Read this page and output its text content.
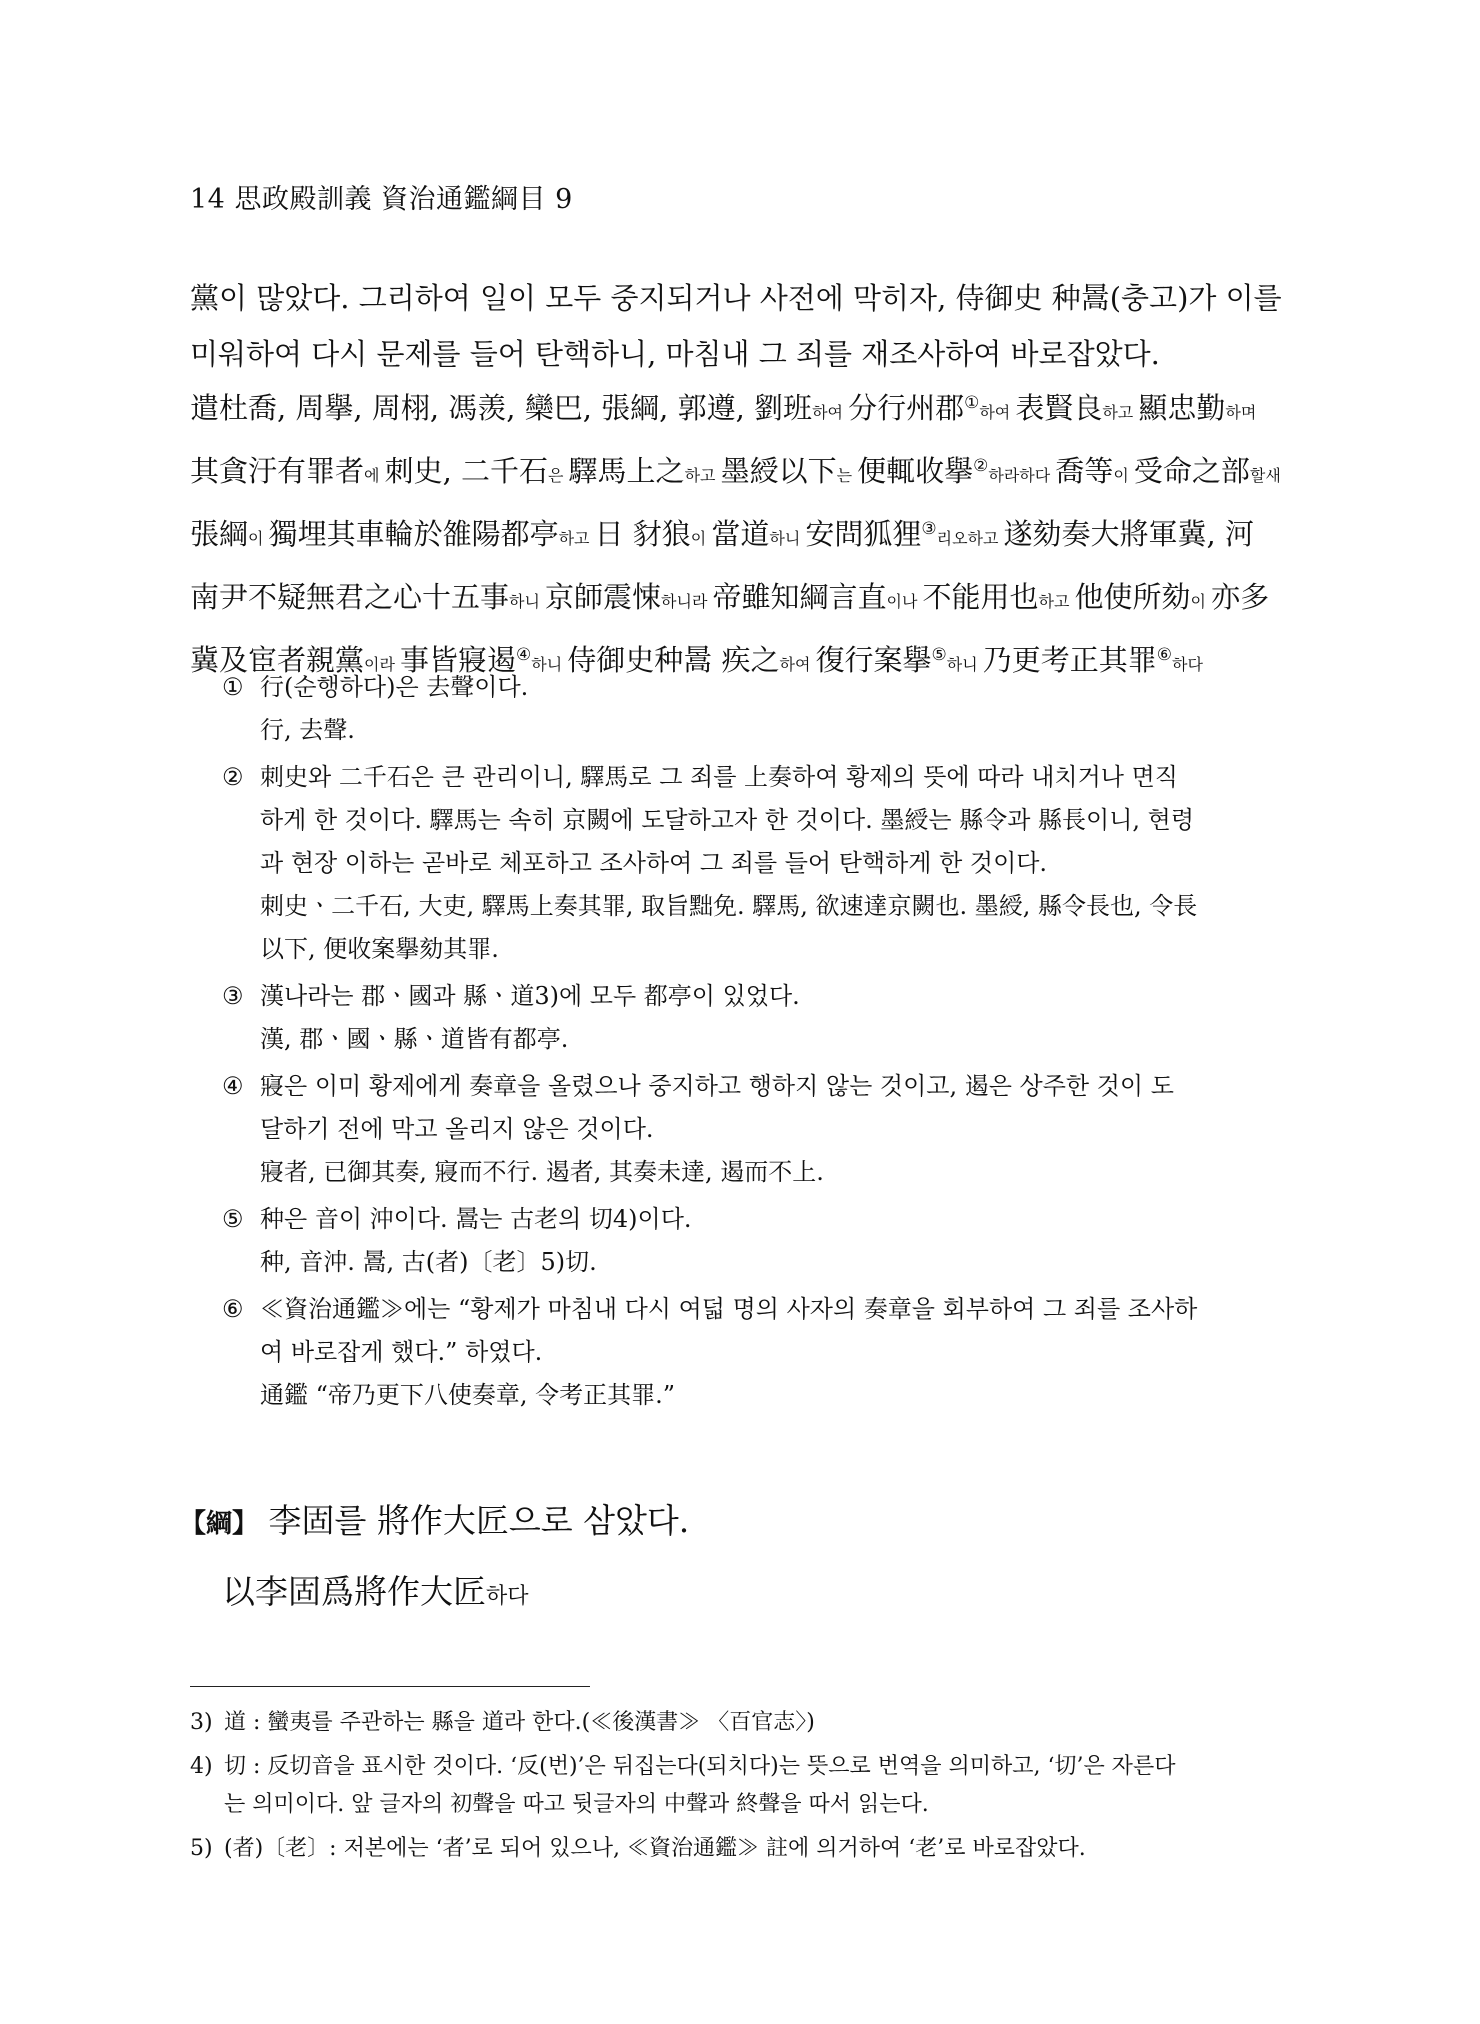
14 思政殿訓義 資治通鑑綱目 9

黨이 많았다. 그리하여 일이 모두 중지되거나 사전에 막히자, 侍御史 种暠(충고)가 이를

미워하여 다시 문제를 들어 탄핵하니, 마침내 그 죄를 재조사하여 바로잡았다.

遣杜喬, 周擧, 周栩, 馮羡, 欒巴, 張綱, 郭遵, 劉班하여 分行州郡①하여 表賢良하고 顯忠勤하며

其貪汙有罪者에 刺史, 二千石은 驛馬上之하고 墨綬以下는 便輒收擧②하라하다 喬等이 受命之部할새

張綱이 獨埋其車輪於雒陽都亭하고 日 豺狼이 當道하니 安問狐狸③리오하고 遂劾奏大將軍冀, 河

南尹不疑無君之心十五事하니 京師震悚하니라 帝雖知綱言直이나 不能用也하고 他使所劾이 亦多

冀及宦者親黨이라 事皆寢遏④하니 侍御史种暠 疾之하여 復行案擧⑤하니 乃更考正其罪⑥하다

① 行(순행하다)은 去聲이다.

行, 去聲.

② 刺史와 二千石은 큰 관리이니, 驛馬로 그 죄를 上奏하여 황제의 뜻에 따라 내치거나 면직

하게 한 것이다. 驛馬는 속히 京闕에 도달하고자 한 것이다. 墨綬는 縣令과 縣長이니, 현령

과 현장 이하는 곧바로 체포하고 조사하여 그 죄를 들어 탄핵하게 한 것이다.

刺史ㆍ二千石, 大吏, 驛馬上奏其罪, 取旨黜免. 驛馬, 欲速達京闕也. 墨綬, 縣令長也, 令長

以下, 便收案擧劾其罪.

③ 漢나라는 郡ㆍ國과 縣ㆍ道3)에 모두 都亭이 있었다.

漢, 郡ㆍ國ㆍ縣ㆍ道皆有都亭.

④ 寢은 이미 황제에게 奏章을 올렸으나 중지하고 행하지 않는 것이고, 遏은 상주한 것이 도

달하기 전에 막고 올리지 않은 것이다.

寢者, 已御其奏, 寢而不行. 遏者, 其奏未達, 遏而不上.

⑤ 种은 音이 沖이다. 暠는 古老의 切4)이다.

种, 音沖. 暠, 古(者)〔老〕5)切.

⑥ ≪資治通鑑≫에는 “황제가 마침내 다시 여덟 명의 사자의 奏章을 회부하여 그 죄를 조사하

여 바로잡게 했다.” 하였다.

通鑑 “帝乃更下八使奏章, 令考正其罪.”

【綱】 李固를 將作大匠으로 삼았다.
以李固爲將作大匠하다
3) 道 : 蠻夷를 주관하는 縣을 道라 한다.(≪後漢書≫ 〈百官志〉)

4) 切 : 反切音을 표시한 것이다. ‘反(번)’은 뒤집는다(되치다)는 뜻으로 번역을 의미하고, ‘切’은 자른다

는 의미이다. 앞 글자의 初聲을 따고 뒷글자의 中聲과 終聲을 따서 읽는다.

5) (者)〔老〕: 저본에는 ‘者’로 되어 있으나, ≪資治通鑑≫ 註에 의거하여 ‘老’로 바로잡았다.
